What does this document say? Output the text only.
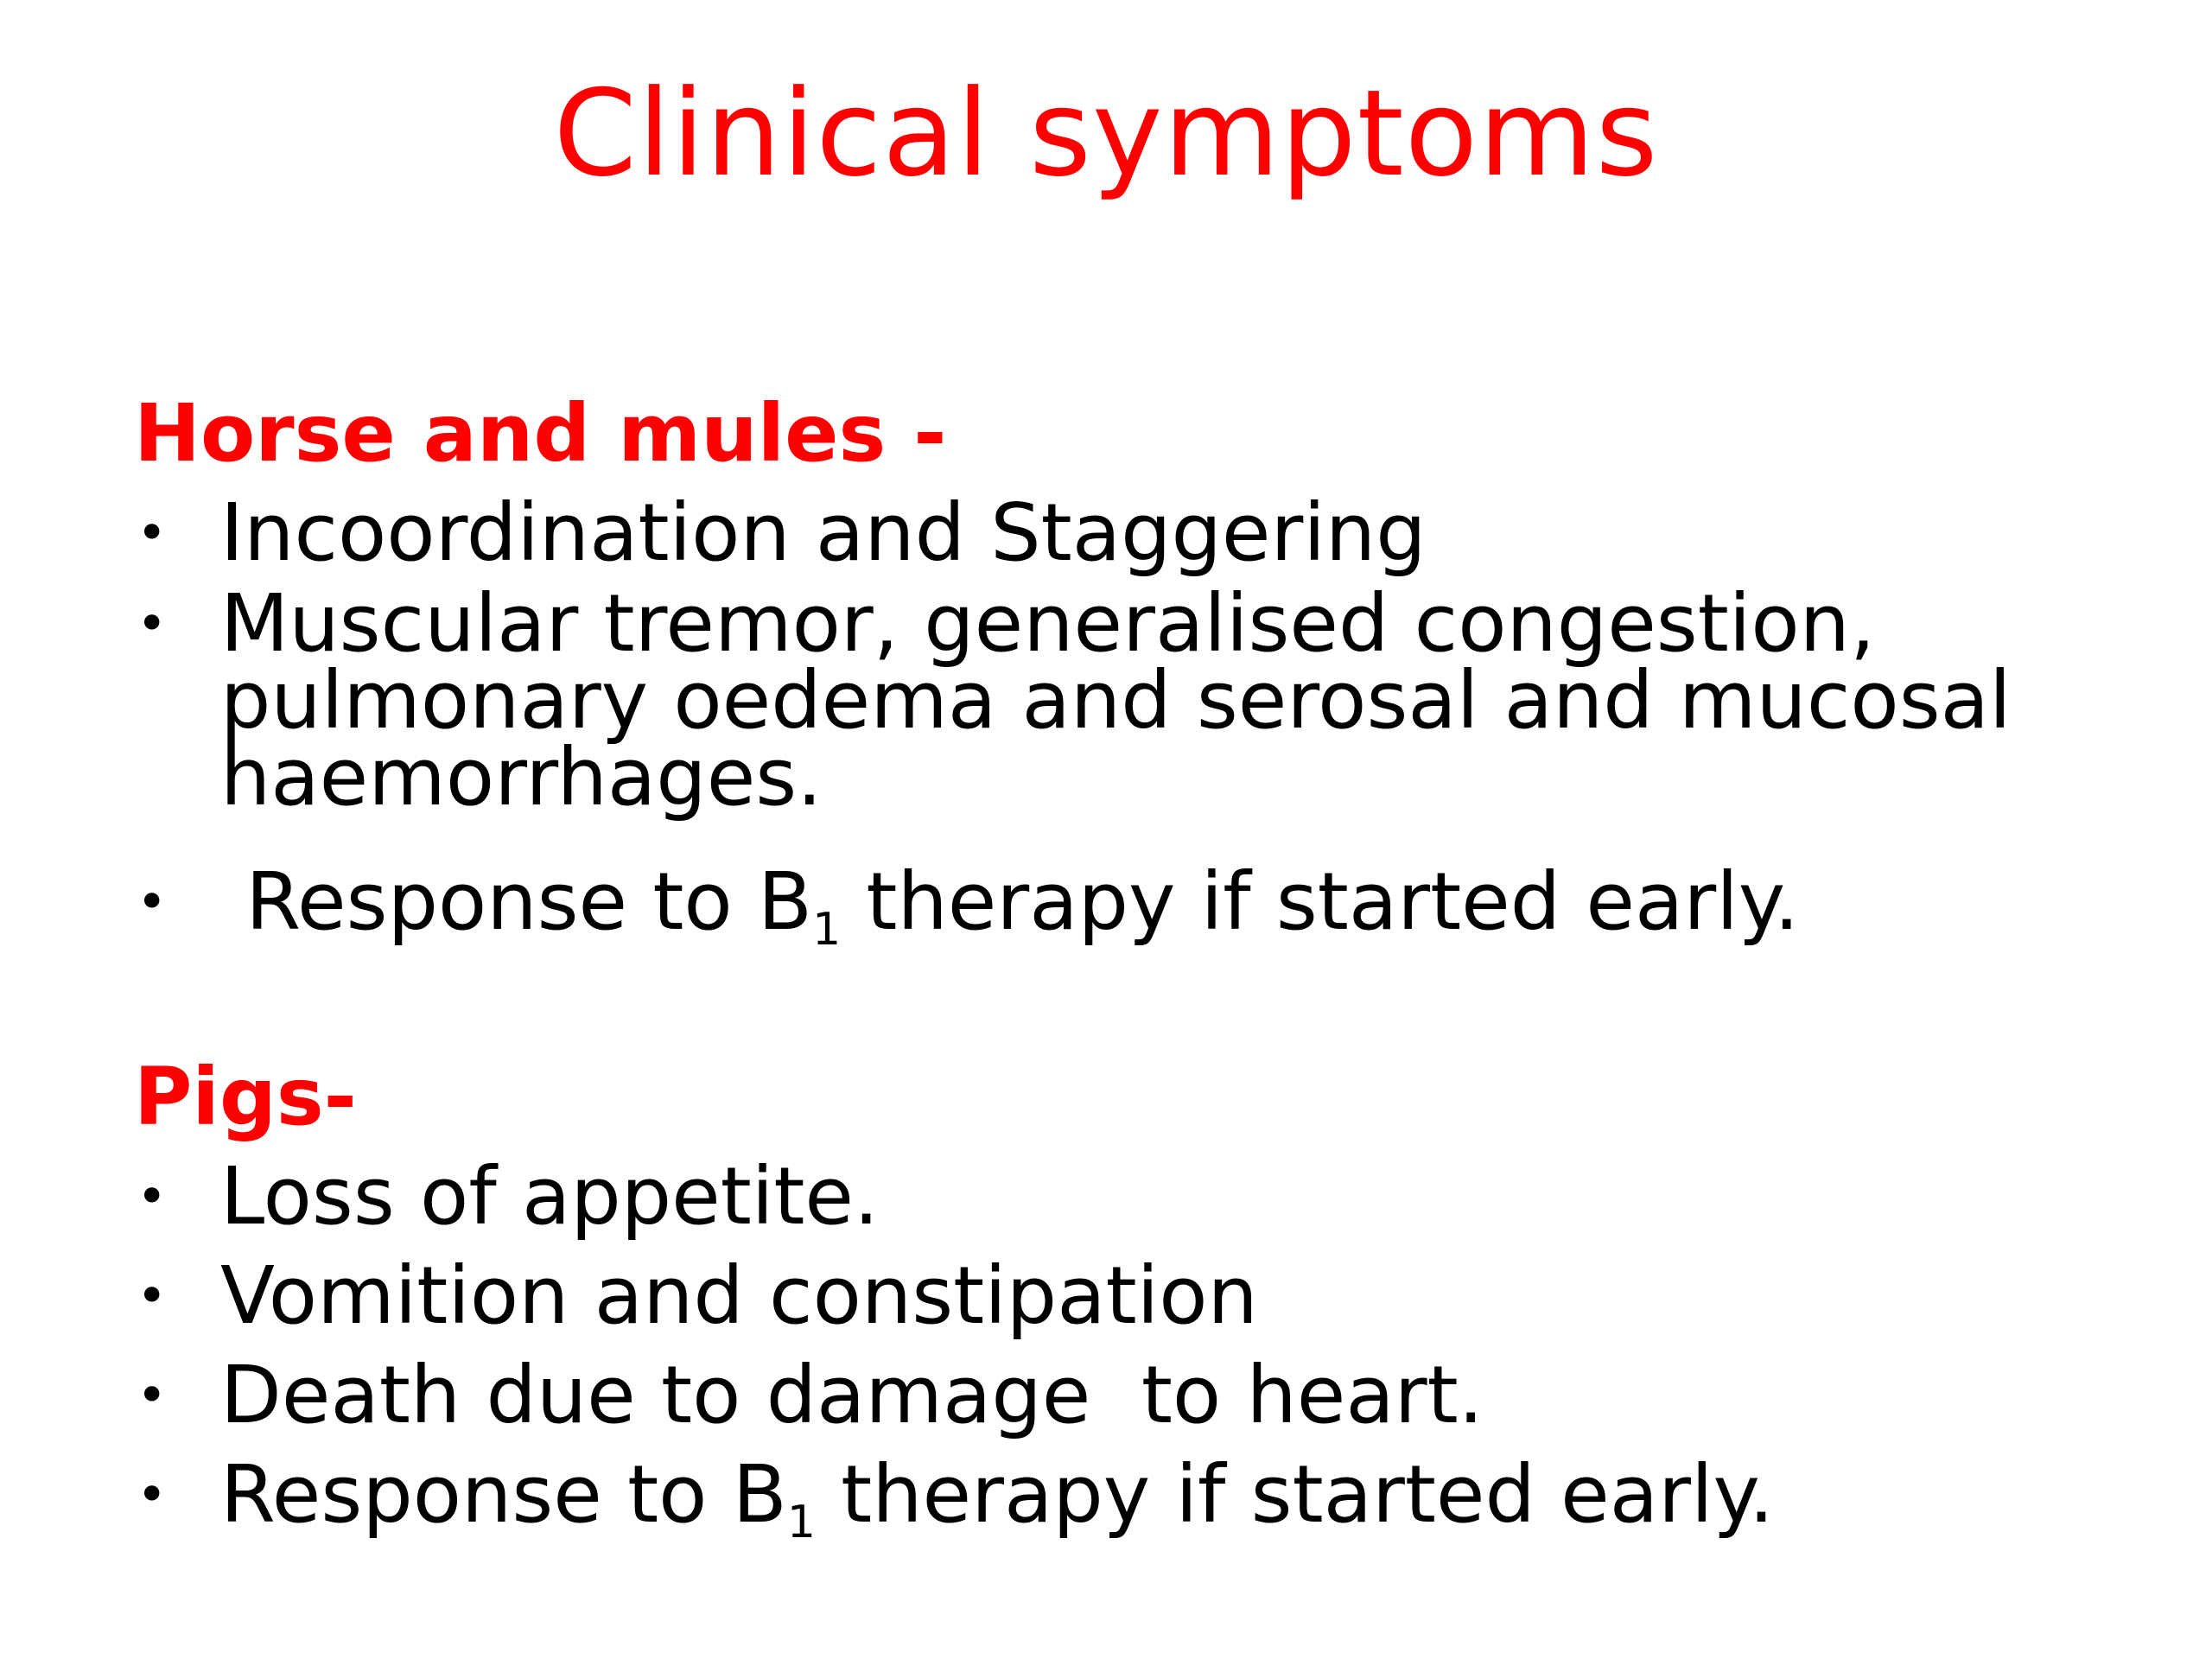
Clinical symptoms
Horse and mules -
• Incoordination and Staggering
• Muscular tremor, generalised congestion,
pulmonary oedema and serosal and mucosal
haemorrhages.
• Response to $B_1$ therapy if started early.
Pigs-
• Loss of appetite.
• Vomition and constipation
• Death due to damage  to heart.
• Response to $B_1$ therapy if started early.
